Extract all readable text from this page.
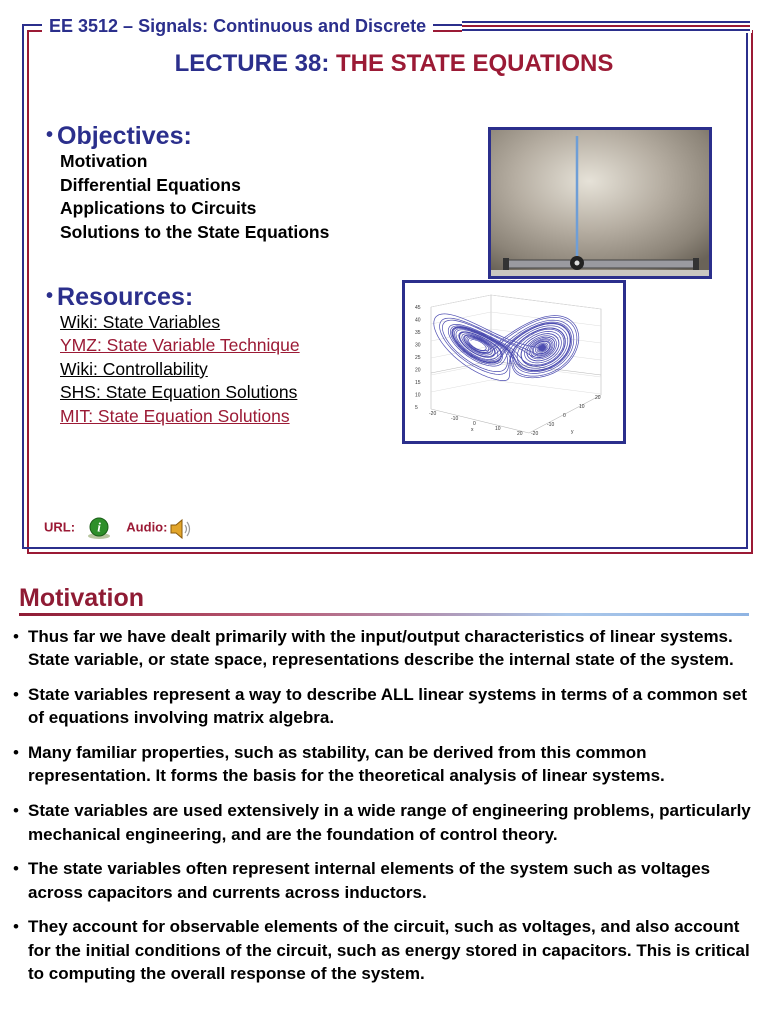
EE 3512 – Signals: Continuous and Discrete
LECTURE 38: THE STATE EQUATIONS
• Objectives:
Motivation
Differential Equations
Applications to Circuits
Solutions to the State Equations
• Resources:
Wiki: State Variables
YMZ: State Variable Technique
Wiki: Controllability
SHS: State Equation Solutions
MIT: State Equation Solutions	5
10
15
20
25
30
35
40
45
-20
-10
0
10
20 -20
-10
0
10
20
x	y
URL:	Audio:
i
Motivation
• Thus far we have dealt primarily with the input/output characteristics of linear systems. State variable, or state space, representations describe the internal state of the system.
• State variables represent a way to describe ALL linear systems in terms of a common set of equations involving matrix algebra.
• Many familiar properties, such as stability, can be derived from this common representation. It forms the basis for the theoretical analysis of linear systems.
• State variables are used extensively in a wide range of engineering problems, particularly mechanical engineering, and are the foundation of control theory.
• The state variables often represent internal elements of the system such as voltages across capacitors and currents across inductors.
• They account for observable elements of the circuit, such as voltages, and also account for the initial conditions of the circuit, such as energy stored in capacitors. This is critical to computing the overall response of the system.
